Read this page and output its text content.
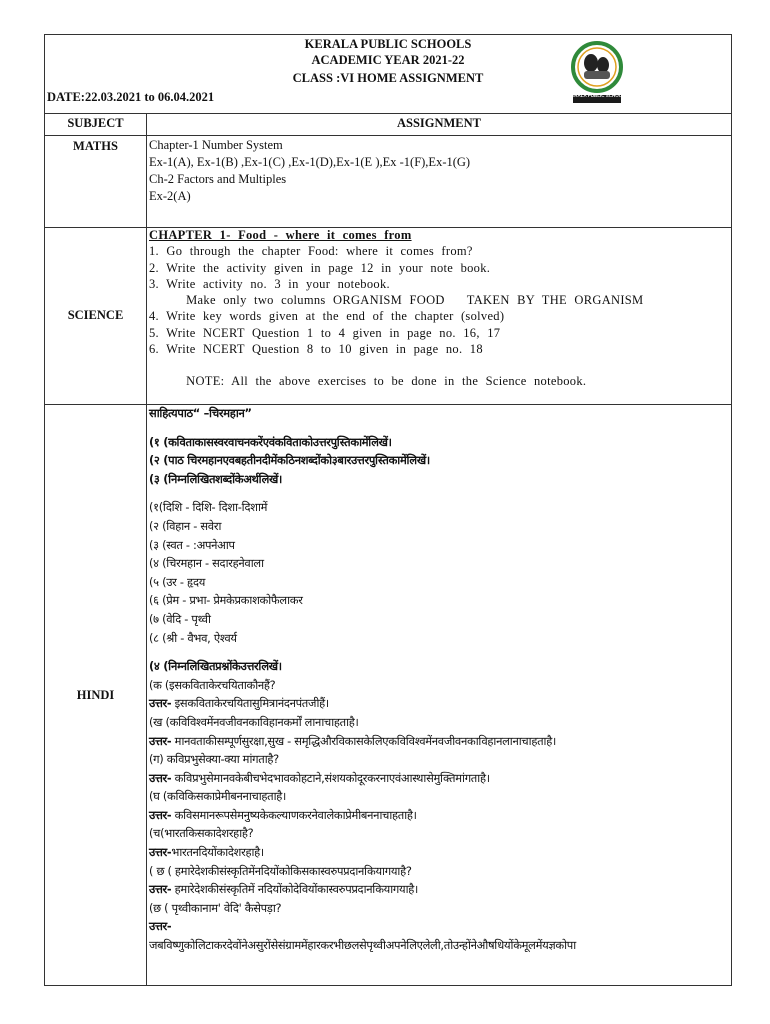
KERALA PUBLIC SCHOOLS
ACADEMIC YEAR 2021-22
CLASS :VI HOME ASSIGNMENT
DATE:22.03.2021 to 06.04.2021	KERALA PUBLIC SCHOOLS
SUBJECT	ASSIGNMENT
MATHS	Chapter-1 Number System

Ex-1(A), Ex-1(B) ,Ex-1(C) ,Ex-1(D),Ex-1(E ),Ex -1(F),Ex-1(G)

Ch-2 Factors and Multiples

Ex-2(A)

SCIENCE

CHAPTER 1- Food - where it comes from

1. Go through the chapter Food: where it comes from?

2. Write the activity given in page 12 in your note book.

3. Write activity no. 3 in your notebook.

Make only two columns ORGANISM FOOD   TAKEN BY THE ORGANISM

4. Write key words given at the end of the chapter (solved)

5. Write NCERT Question 1 to 4 given in page no. 16, 17

6. Write NCERT Question 8 to 10 given in page no. 18

NOTE: All the above exercises to be done in the Science notebook.

HINDI

साहित्यपाठ“ –चिरमहान”

(१ (कविताकासस्वरवाचनकरेंएवंकविताकोउत्तरपुस्तिकामेंलिखें।

(२ (पाठ चिरमहानएवबहतीनदीमेंकठिनशब्दोंको३बारउत्तरपुस्तिकामेंलिखें।

(३ (निम्नलिखितशब्दोंकेअर्थलिखें।

(१(दिशि - दिशि- दिशा-दिशामें

(२ (विहान - सवेरा

(३ (स्वत - :अपनेआप

(४ (चिरमहान - सदारहनेवाला

(५ (उर - हृदय

(६ (प्रेम - प्रभा- प्रेमकेप्रकाशकोफैलाकर

(७ (वेदि - पृथ्वी

(८ (श्री - वैभव, ऐश्वर्य

(४ (निम्नलिखितप्रश्नोंकेउत्तरलिखें।

(क (इसकविताकेरचयिताकौनहैं?

उत्तर- इसकविताकेरचयितासुमित्रानंदनपंतजीहैं।

(ख (कविविश्वमेंनवजीवनकाविहानकर्मों लानाचाहताहै।

उत्तर- मानवताकीसम्पूर्णसुरक्षा,सुख - समृद्धिऔरविकासकेलिएकविविश्वमेंनवजीवनकाविहानलानाचाहताहै।

(ग) कविप्रभुसेक्या-क्या मांगताहै?

उत्तर- कविप्रभुसेमानवकेबीचभेदभावकोहटाने,संशयकोदूरकरनाएवंआस्थासेमुक्तिमांगताहै।

(घ (कविकिसकाप्रेमीबननाचाहताहै।

उत्तर- कविसमानरूपसेमनुष्यकेकल्याणकरनेवालेकाप्रेमीबननाचाहताहै।

(च(भारतकिसकादेशरहाहै?

उत्तर-भारतनदियोंकादेशरहाहै।

( छ ( हमारेदेशकीसंस्कृतिमेंनदियोंकोकिसकास्वरुपप्रदानकियागयाहै?

उत्तर- हमारेदेशकीसंस्कृतिमें नदियोंकोदेवियोंकास्वरुपप्रदानकियागयाहै।

(छ ( पृथ्वीकानाम' वेदि' कैसेपड़ा?

उत्तर-

जबविष्णुकोलिटाकरदेवोंनेअसुरोंसेसंग्राममेंहारकरभीछलसेपृथ्वीअपनेलिएलेली,तोउन्होंनेऔषधियोंकेमूलमेंयज्ञकोपा
